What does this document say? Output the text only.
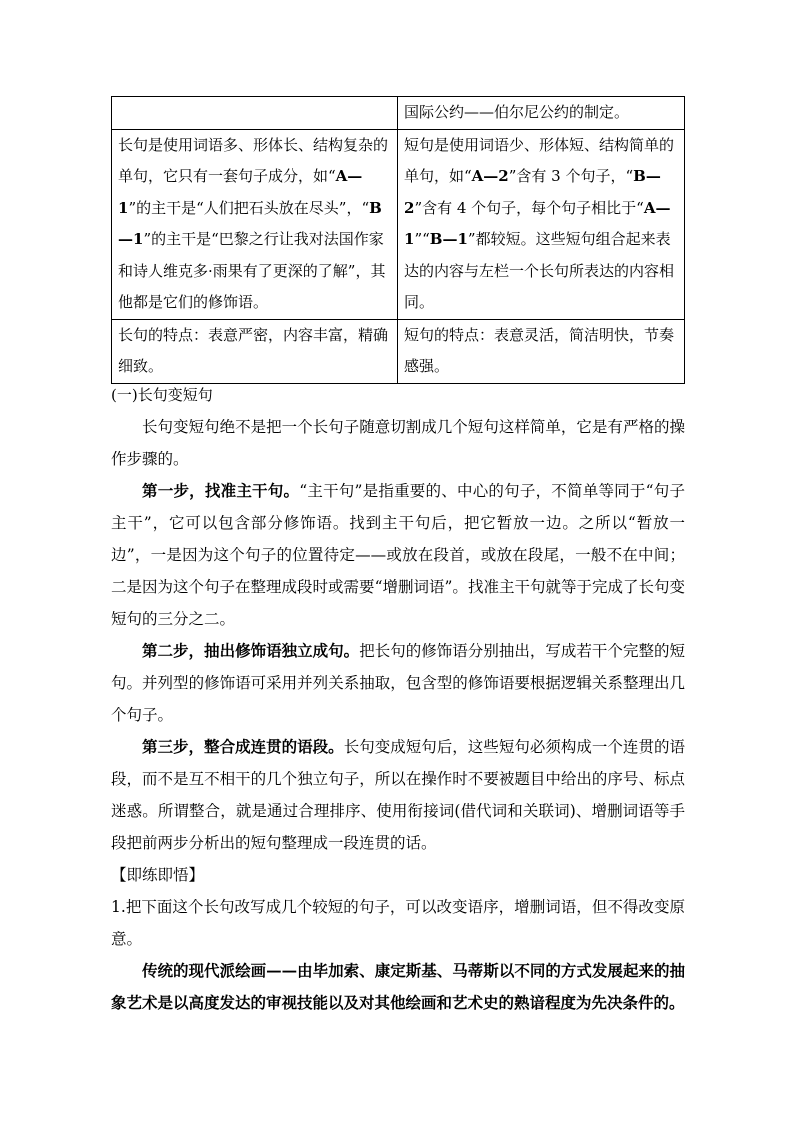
	国际公约——伯尔尼公约的制定。
长句是使用词语多、形体长、结构复杂的单句，它只有一套句子成分，如“A—1”的主干是“人们把石头放在尽头”，“B—1”的主干是“巴黎之行让我对法国作家和诗人维克多·雨果有了更深的了解”，其他都是它们的修饰语。	短句是使用词语少、形体短、结构简单的单句，如“A—2”含有 3 个句子，“B—2”含有 4 个句子，每个句子相比于“A—1”“B—1”都较短。这些短句组合起来表达的内容与左栏一个长句所表达的内容相同。
长句的特点：表意严密，内容丰富，精确细致。	短句的特点：表意灵活，简洁明快，节奏感强。

(一)长句变短句

长句变短句绝不是把一个长句子随意切割成几个短句这样简单，它是有严格的操作步骤的。

第一步，找准主干句。“主干句”是指重要的、中心的句子，不简单等同于“句子主干”，它可以包含部分修饰语。找到主干句后，把它暂放一边。之所以“暂放一边”，一是因为这个句子的位置待定——或放在段首，或放在段尾，一般不在中间；二是因为这个句子在整理成段时或需要“增删词语”。找准主干句就等于完成了长句变短句的三分之二。

第二步，抽出修饰语独立成句。把长句的修饰语分别抽出，写成若干个完整的短句。并列型的修饰语可采用并列关系抽取，包含型的修饰语要根据逻辑关系整理出几个句子。

第三步，整合成连贯的语段。长句变成短句后，这些短句必须构成一个连贯的语段，而不是互不相干的几个独立句子，所以在操作时不要被题目中给出的序号、标点迷惑。所谓整合，就是通过合理排序、使用衔接词(借代词和关联词)、增删词语等手段把前两步分析出的短句整理成一段连贯的话。

【即练即悟】

1.把下面这个长句改写成几个较短的句子，可以改变语序，增删词语，但不得改变原意。

传统的现代派绘画——由毕加索、康定斯基、马蒂斯以不同的方式发展起来的抽象艺术是以高度发达的审视技能以及对其他绘画和艺术史的熟谙程度为先决条件的。
